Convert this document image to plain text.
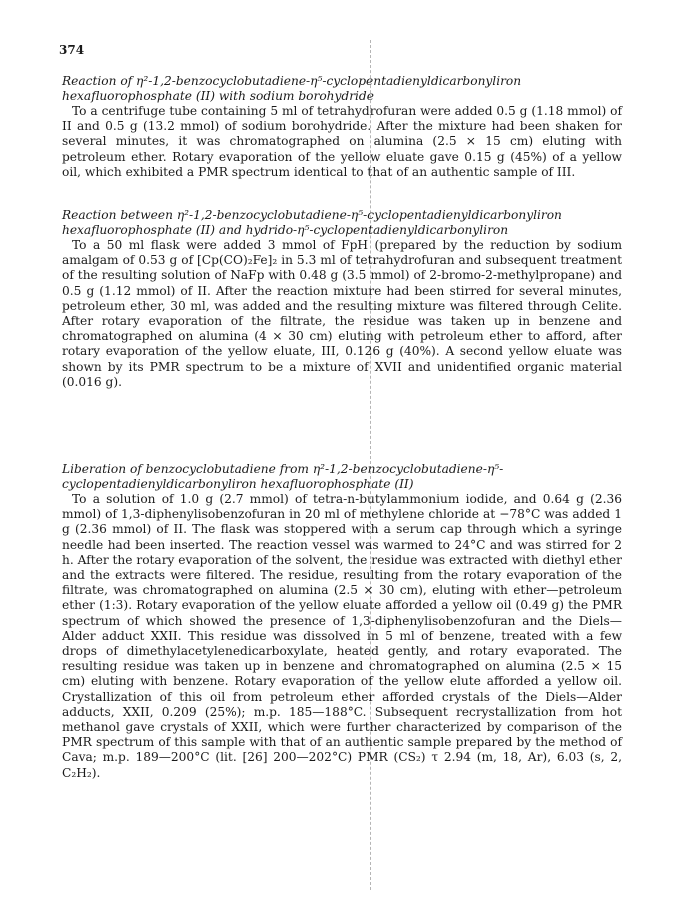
374

Reaction of η²-1,2-benzocyclobutadiene-η⁵-cyclopentadienyldicarbonyliron hexafluorophosphate (II) with sodium borohydride

To a centrifuge tube containing 5 ml of tetrahydrofuran were added 0.5 g (1.18 mmol) of II and 0.5 g (13.2 mmol) of sodium borohydride. After the mixture had been shaken for several minutes, it was chromatographed on alumina (2.5 × 15 cm) eluting with petroleum ether. Rotary evaporation of the yellow eluate gave 0.15 g (45%) of a yellow oil, which exhibited a PMR spectrum identical to that of an authentic sample of III.

Reaction between η²-1,2-benzocyclobutadiene-η⁵-cyclopentadienyldicarbonyliron hexafluorophosphate (II) and hydrido-η⁵-cyclopentadienyldicarbonyliron

To a 50 ml flask were added 3 mmol of FpH (prepared by the reduction by sodium amalgam of 0.53 g of [Cp(CO)₂Fe]₂ in 5.3 ml of tetrahydrofuran and subsequent treatment of the resulting solution of NaFp with 0.48 g (3.5 mmol) of 2-bromo-2-methylpropane) and 0.5 g (1.12 mmol) of II. After the reaction mixture had been stirred for several minutes, petroleum ether, 30 ml, was added and the resulting mixture was filtered through Celite. After rotary evaporation of the filtrate, the residue was taken up in benzene and chromatographed on alumina (4 × 30 cm) eluting with petroleum ether to afford, after rotary evaporation of the yellow eluate, III, 0.126 g (40%). A second yellow eluate was shown by its PMR spectrum to be a mixture of XVII and unidentified organic material (0.016 g).

Liberation of benzocyclobutadiene from η²-1,2-benzocyclobutadiene-η⁵-cyclopentadienyldicarbonyliron hexafluorophosphate (II)

To a solution of 1.0 g (2.7 mmol) of tetra-n-butylammonium iodide, and 0.64 g (2.36 mmol) of 1,3-diphenylisobenzofuran in 20 ml of methylene chloride at −78°C was added 1 g (2.36 mmol) of II. The flask was stoppered with a serum cap through which a syringe needle had been inserted. The reaction vessel was warmed to 24°C and was stirred for 2 h. After the rotary evaporation of the solvent, the residue was extracted with diethyl ether and the extracts were filtered. The residue, resulting from the rotary evaporation of the filtrate, was chromatographed on alumina (2.5 × 30 cm), eluting with ether—petroleum ether (1:3). Rotary evaporation of the yellow eluate afforded a yellow oil (0.49 g) the PMR spectrum of which showed the presence of 1,3-diphenylisobenzofuran and the Diels—Alder adduct XXII. This residue was dissolved in 5 ml of benzene, treated with a few drops of dimethylacetylenedicarboxylate, heated gently, and rotary evaporated. The resulting residue was taken up in benzene and chromatographed on alumina (2.5 × 15 cm) eluting with benzene. Rotary evaporation of the yellow elute afforded a yellow oil. Crystallization of this oil from petroleum ether afforded crystals of the Diels—Alder adducts, XXII, 0.209 (25%); m.p. 185—188°C. Subsequent recrystallization from hot methanol gave crystals of XXII, which were further characterized by comparison of the PMR spectrum of this sample with that of an authentic sample prepared by the method of Cava; m.p. 189—200°C (lit. [26] 200—202°C) PMR (CS₂) τ 2.94 (m, 18, Ar), 6.03 (s, 2, C₂H₂).
